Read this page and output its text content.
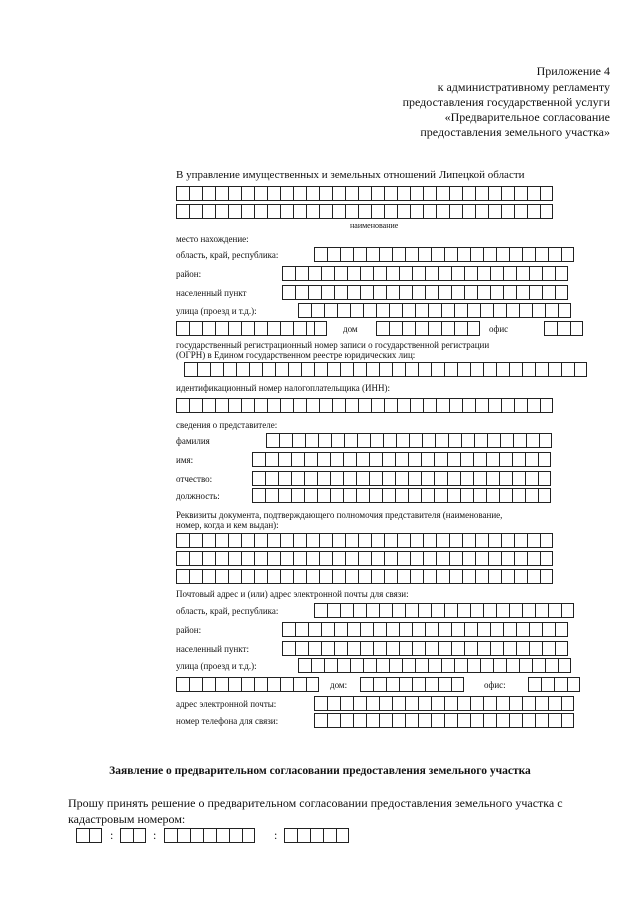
Приложение 4
к административному регламенту
предоставления государственной услуги
«Предварительное согласование
предоставления земельного участка»
В управление имущественных и земельных отношений Липецкой области
наименование
место нахождение:
область, край, республика:
район:
населенный пункт
улица (проезд и т.д.):
дом	офис
государственный регистрационный номер записи о государственной регистрации
(ОГРН) в Едином государственном реестре юридических лиц:
идентификационный номер налогоплательщика (ИНН):
сведения о представителе:
фамилия
имя:
отчество:
должность:
Реквизиты документа, подтверждающего полномочия представителя (наименование,
номер, когда и кем выдан):
Почтовый адрес и (или) адрес электронной почты для связи:
область, край, республика:
район:
населенный пункт:
улица (проезд и т.д.):
дом:	офис:
адрес электронной почты:
номер телефона для связи:
Заявление о предварительном согласовании предоставления земельного участка
Прошу принять решение о предварительном согласовании предоставления земельного участка с
кадастровым номером:
:	:	:
